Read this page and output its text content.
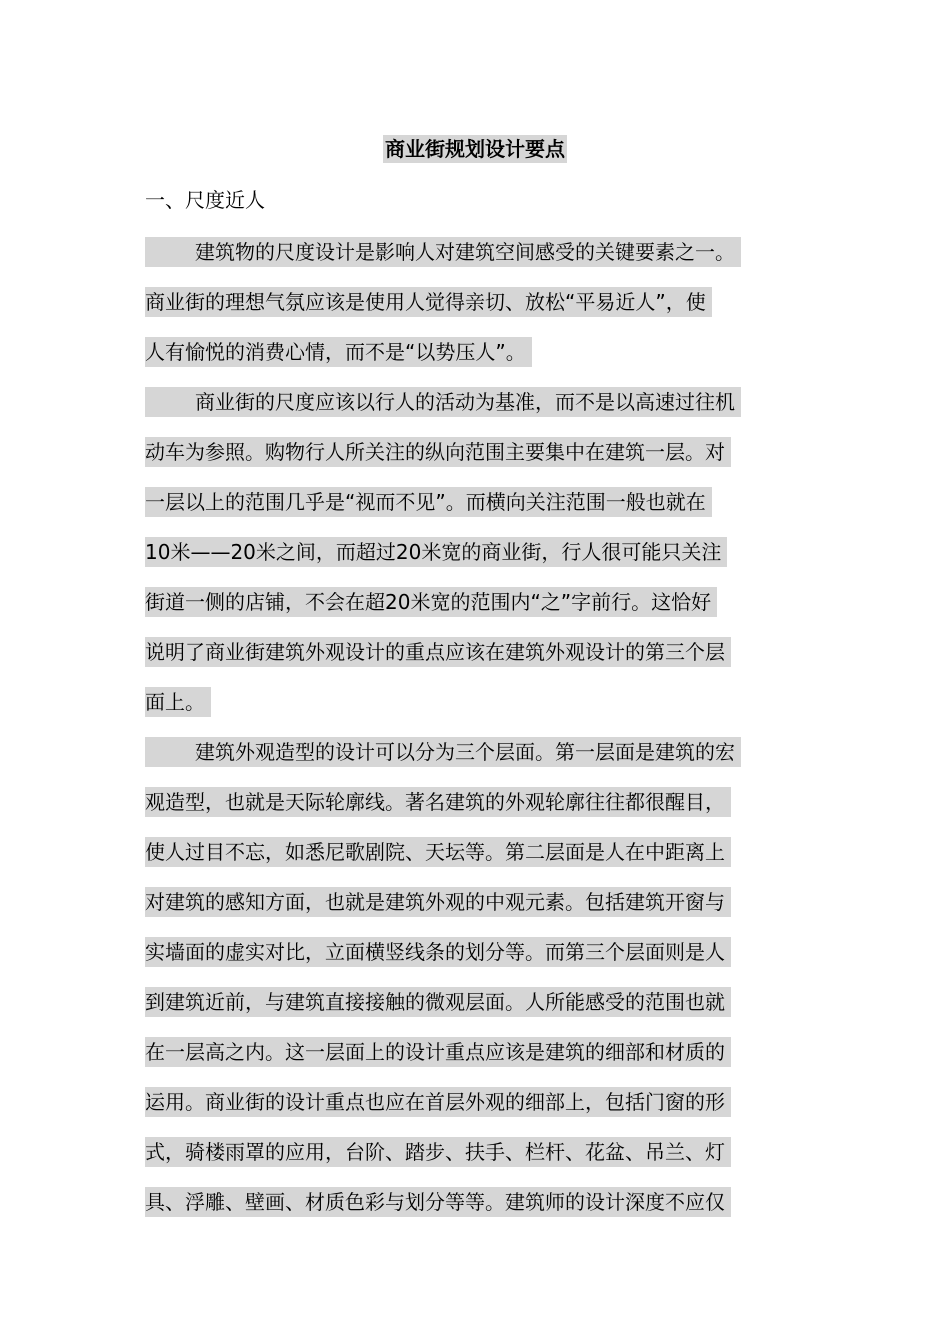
商业街规划设计要点
一、尺度近人
建筑物的尺度设计是影响人对建筑空间感受的关键要素之一。
商业街的理想气氛应该是使用人觉得亲切、放松“平易近人”，使
人有愉悦的消费心情，而不是“以势压人”。
商业街的尺度应该以行人的活动为基准，而不是以高速过往机
动车为参照。购物行人所关注的纵向范围主要集中在建筑一层。对
一层以上的范围几乎是“视而不见”。而横向关注范围一般也就在
10米——20米之间，而超过20米宽的商业街，行人很可能只关注
街道一侧的店铺，不会在超20米宽的范围内“之”字前行。这恰好
说明了商业街建筑外观设计的重点应该在建筑外观设计的第三个层
面上。
建筑外观造型的设计可以分为三个层面。第一层面是建筑的宏
观造型，也就是天际轮廓线。著名建筑的外观轮廓往往都很醒目，
使人过目不忘，如悉尼歌剧院、天坛等。第二层面是人在中距离上
对建筑的感知方面，也就是建筑外观的中观元素。包括建筑开窗与
实墙面的虚实对比，立面横竖线条的划分等。而第三个层面则是人
到建筑近前，与建筑直接接触的微观层面。人所能感受的范围也就
在一层高之内。这一层面上的设计重点应该是建筑的细部和材质的
运用。商业街的设计重点也应在首层外观的细部上，包括门窗的形
式，骑楼雨罩的应用，台阶、踏步、扶手、栏杆、花盆、吊兰、灯
具、浮雕、壁画、材质色彩与划分等等。建筑师的设计深度不应仅
